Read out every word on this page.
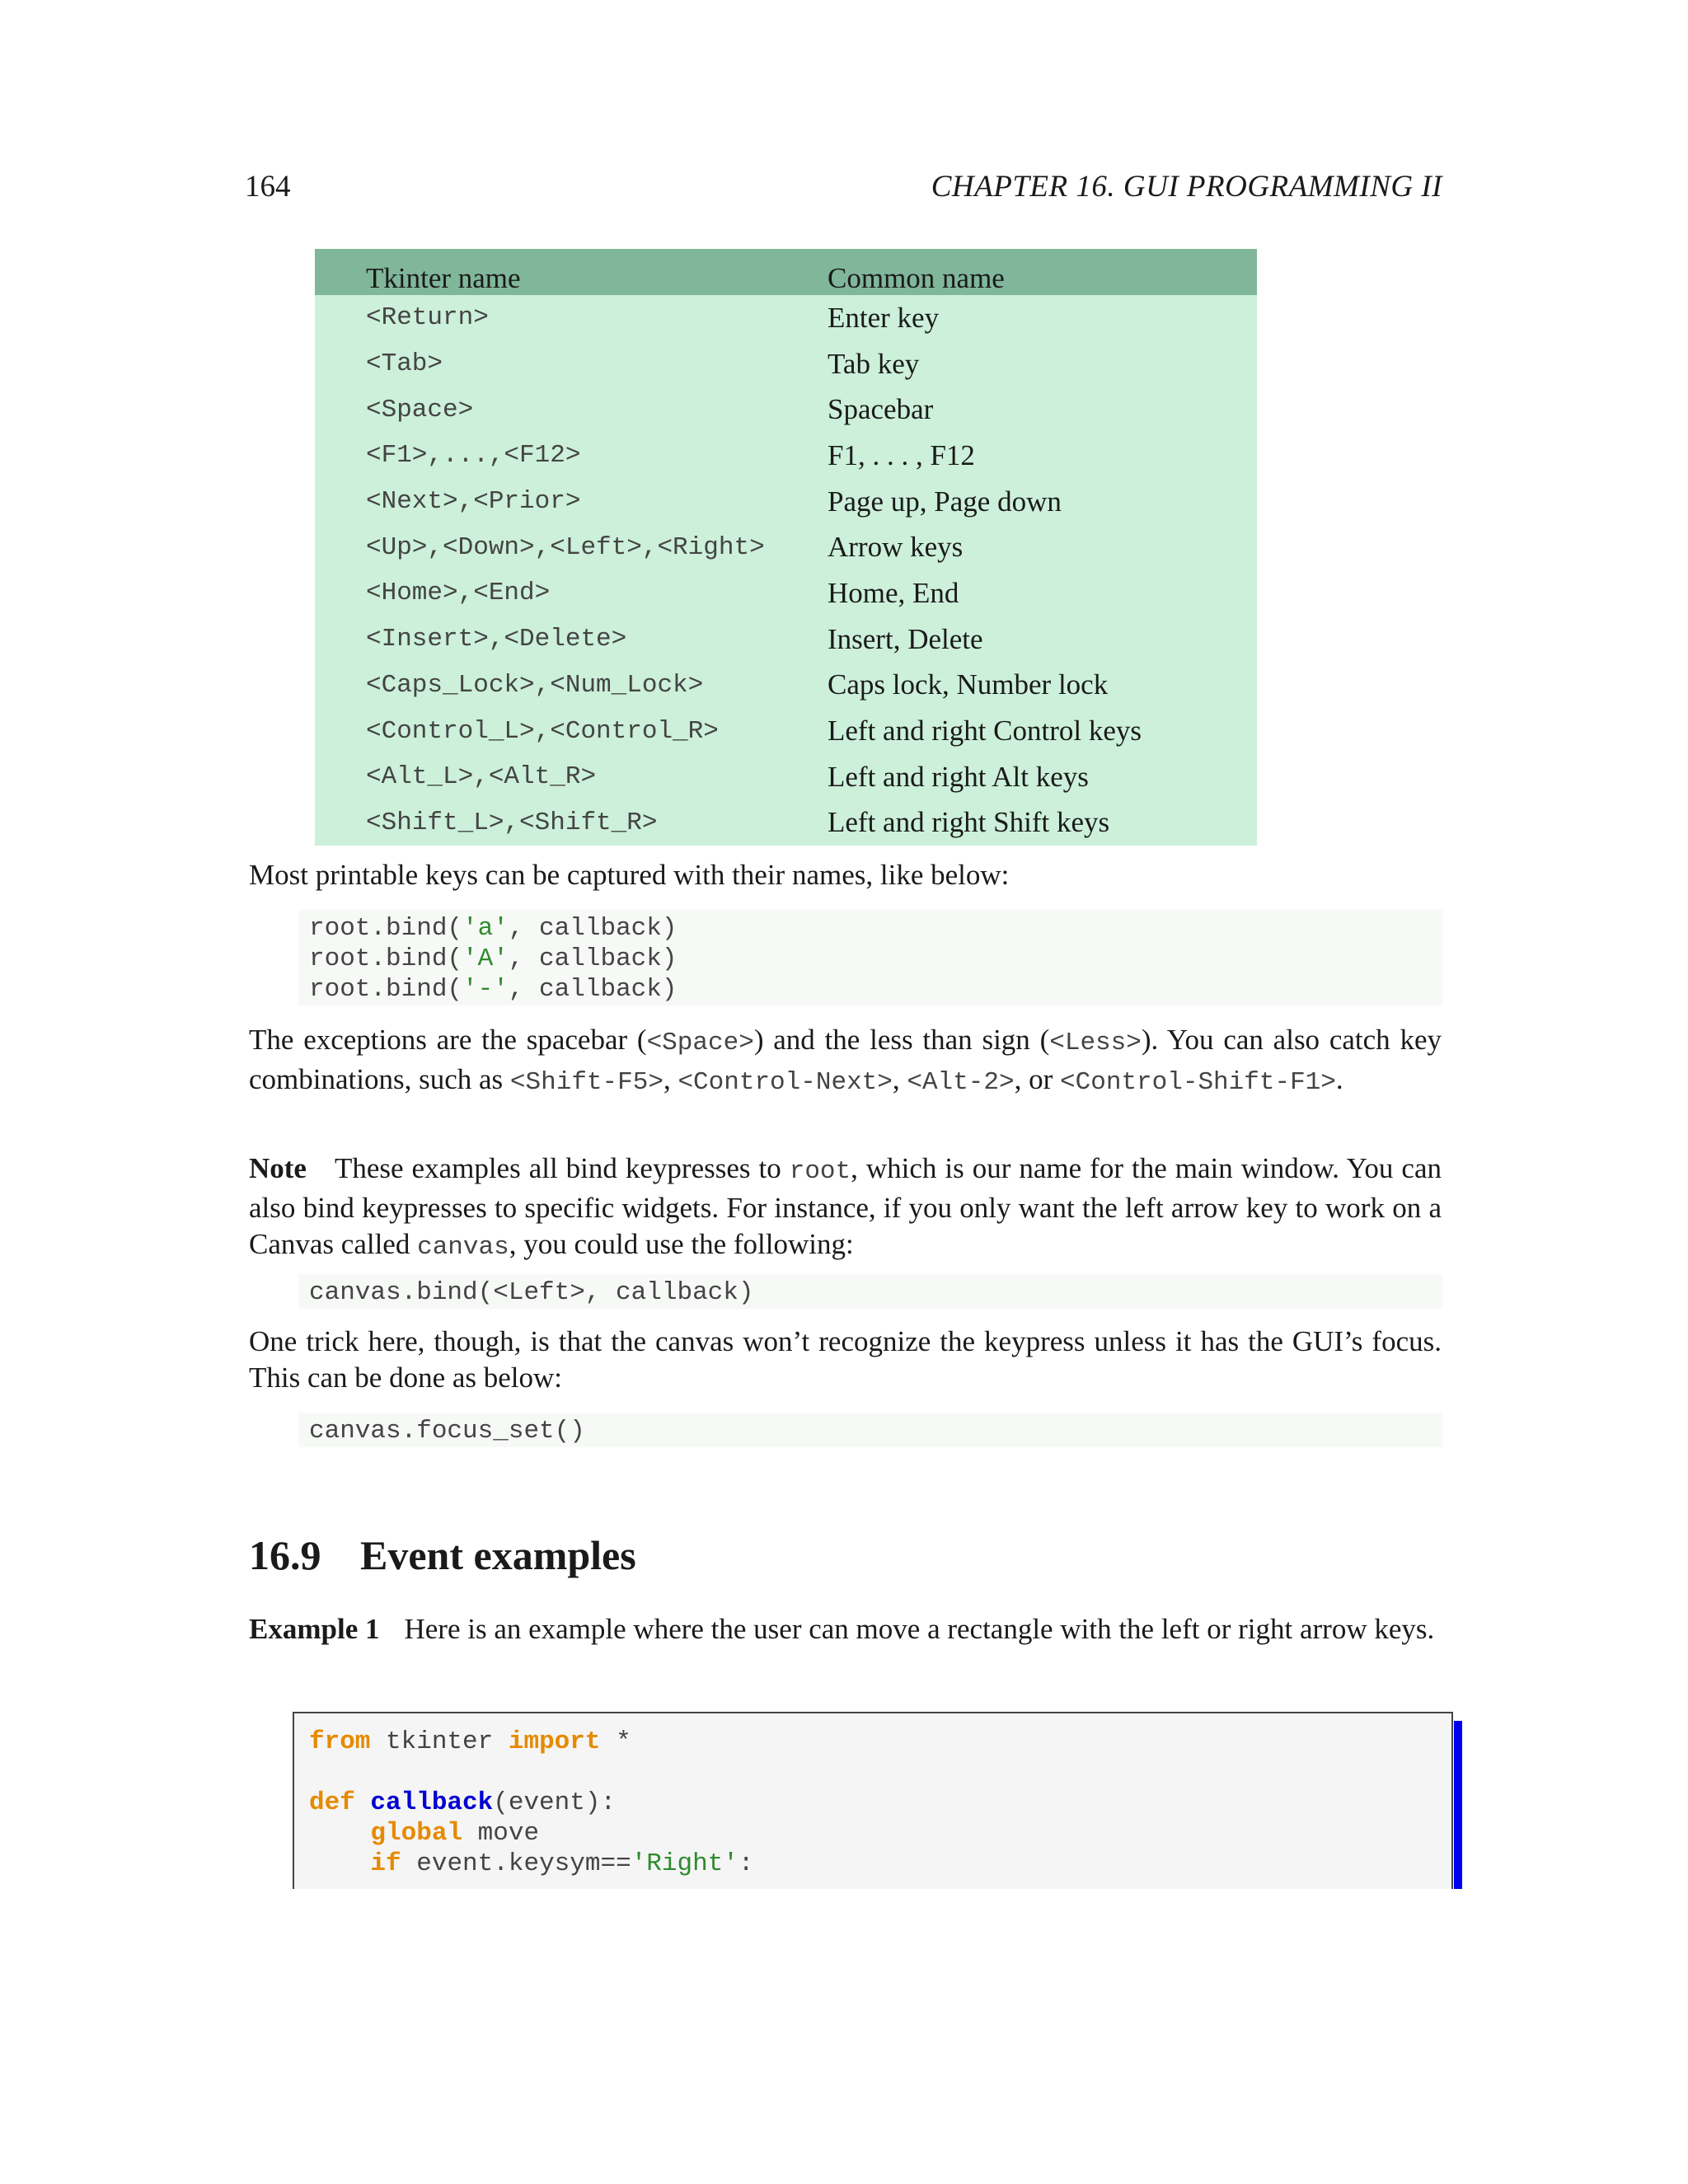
164	CHAPTER 16. GUI PROGRAMMING II
Tkinter name	Common name
<Return>	Enter key
<Tab>	Tab key
<Space>	Spacebar
<F1>,...,<F12>	F1, . . . , F12
<Next>,<Prior>	Page up, Page down
<Up>,<Down>,<Left>,<Right>	Arrow keys
<Home>,<End>	Home, End
<Insert>,<Delete>	Insert, Delete
<Caps_Lock>,<Num_Lock>	Caps lock, Number lock
<Control_L>,<Control_R>	Left and right Control keys
<Alt_L>,<Alt_R>	Left and right Alt keys
<Shift_L>,<Shift_R>	Left and right Shift keys
Most printable keys can be captured with their names, like below:
root.bind('a', callback)
root.bind('A', callback)
root.bind('-', callback)
The exceptions are the spacebar (<Space>) and the less than sign (<Less>). You can also catch key combinations, such as <Shift-F5>, <Control-Next>, <Alt-2>, or <Control-Shift-F1>.
Note These examples all bind keypresses to root, which is our name for the main window. You can also bind keypresses to specific widgets. For instance, if you only want the left arrow key to work on a Canvas called canvas, you could use the following:
canvas.bind(<Left>, callback)
One trick here, though, is that the canvas won’t recognize the keypress unless it has the GUI’s focus. This can be done as below:
canvas.focus_set()
16.9 Event examples
Example 1 Here is an example where the user can move a rectangle with the left or right arrow keys.
from tkinter import *
def callback(event):
global move
if event.keysym=='Right':
